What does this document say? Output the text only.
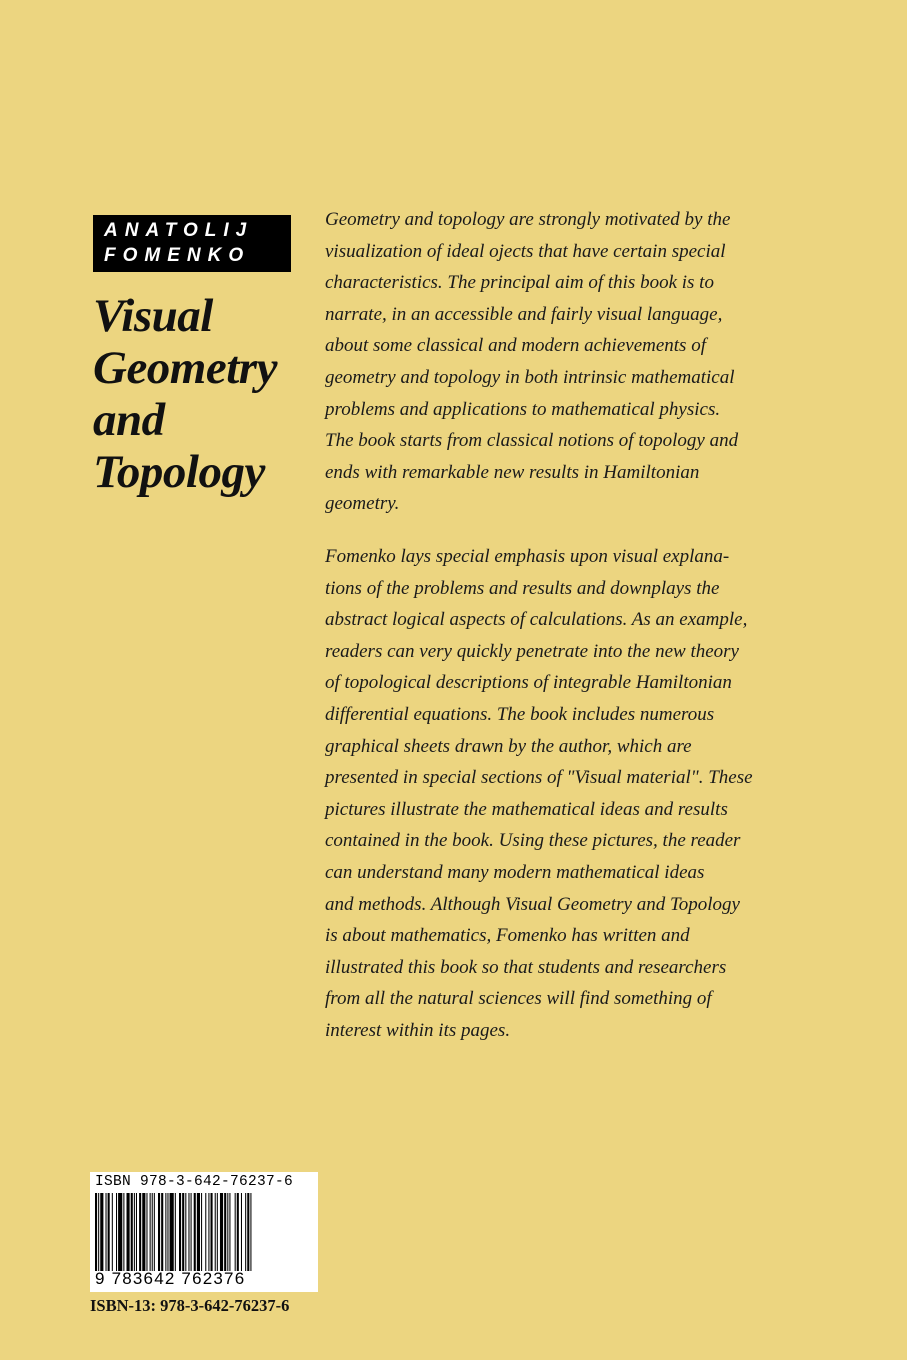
ANATOLIJ
FOMENKO
Visual
Geometry
and
Topology
Geometry and topology are strongly motivated by the
visualization of ideal ojects that have certain special
characteristics. The principal aim of this book is to
narrate, in an accessible and fairly visual language,
about some classical and modern achievements of
geometry and topology in both intrinsic mathematical
problems and applications to mathematical physics.
The book starts from classical notions of topology and
ends with remarkable new results in Hamiltonian
geometry.
Fomenko lays special emphasis upon visual explana-
tions of the problems and results and downplays the
abstract logical aspects of calculations. As an example,
readers can very quickly penetrate into the new theory
of topological descriptions of integrable Hamiltonian
differential equations. The book includes numerous
graphical sheets drawn by the author, which are
presented in special sections of "Visual material". These
pictures illustrate the mathematical ideas and results
contained in the book. Using these pictures, the reader
can understand many modern mathematical ideas
and methods. Although Visual Geometry and Topology
is about mathematics, Fomenko has written and
illustrated this book so that students and researchers
from all the natural sciences will find something of
interest within its pages.
ISBN 978-3-642-76237-6
9 783642 762376
ISBN-13: 978-3-642-76237-6
